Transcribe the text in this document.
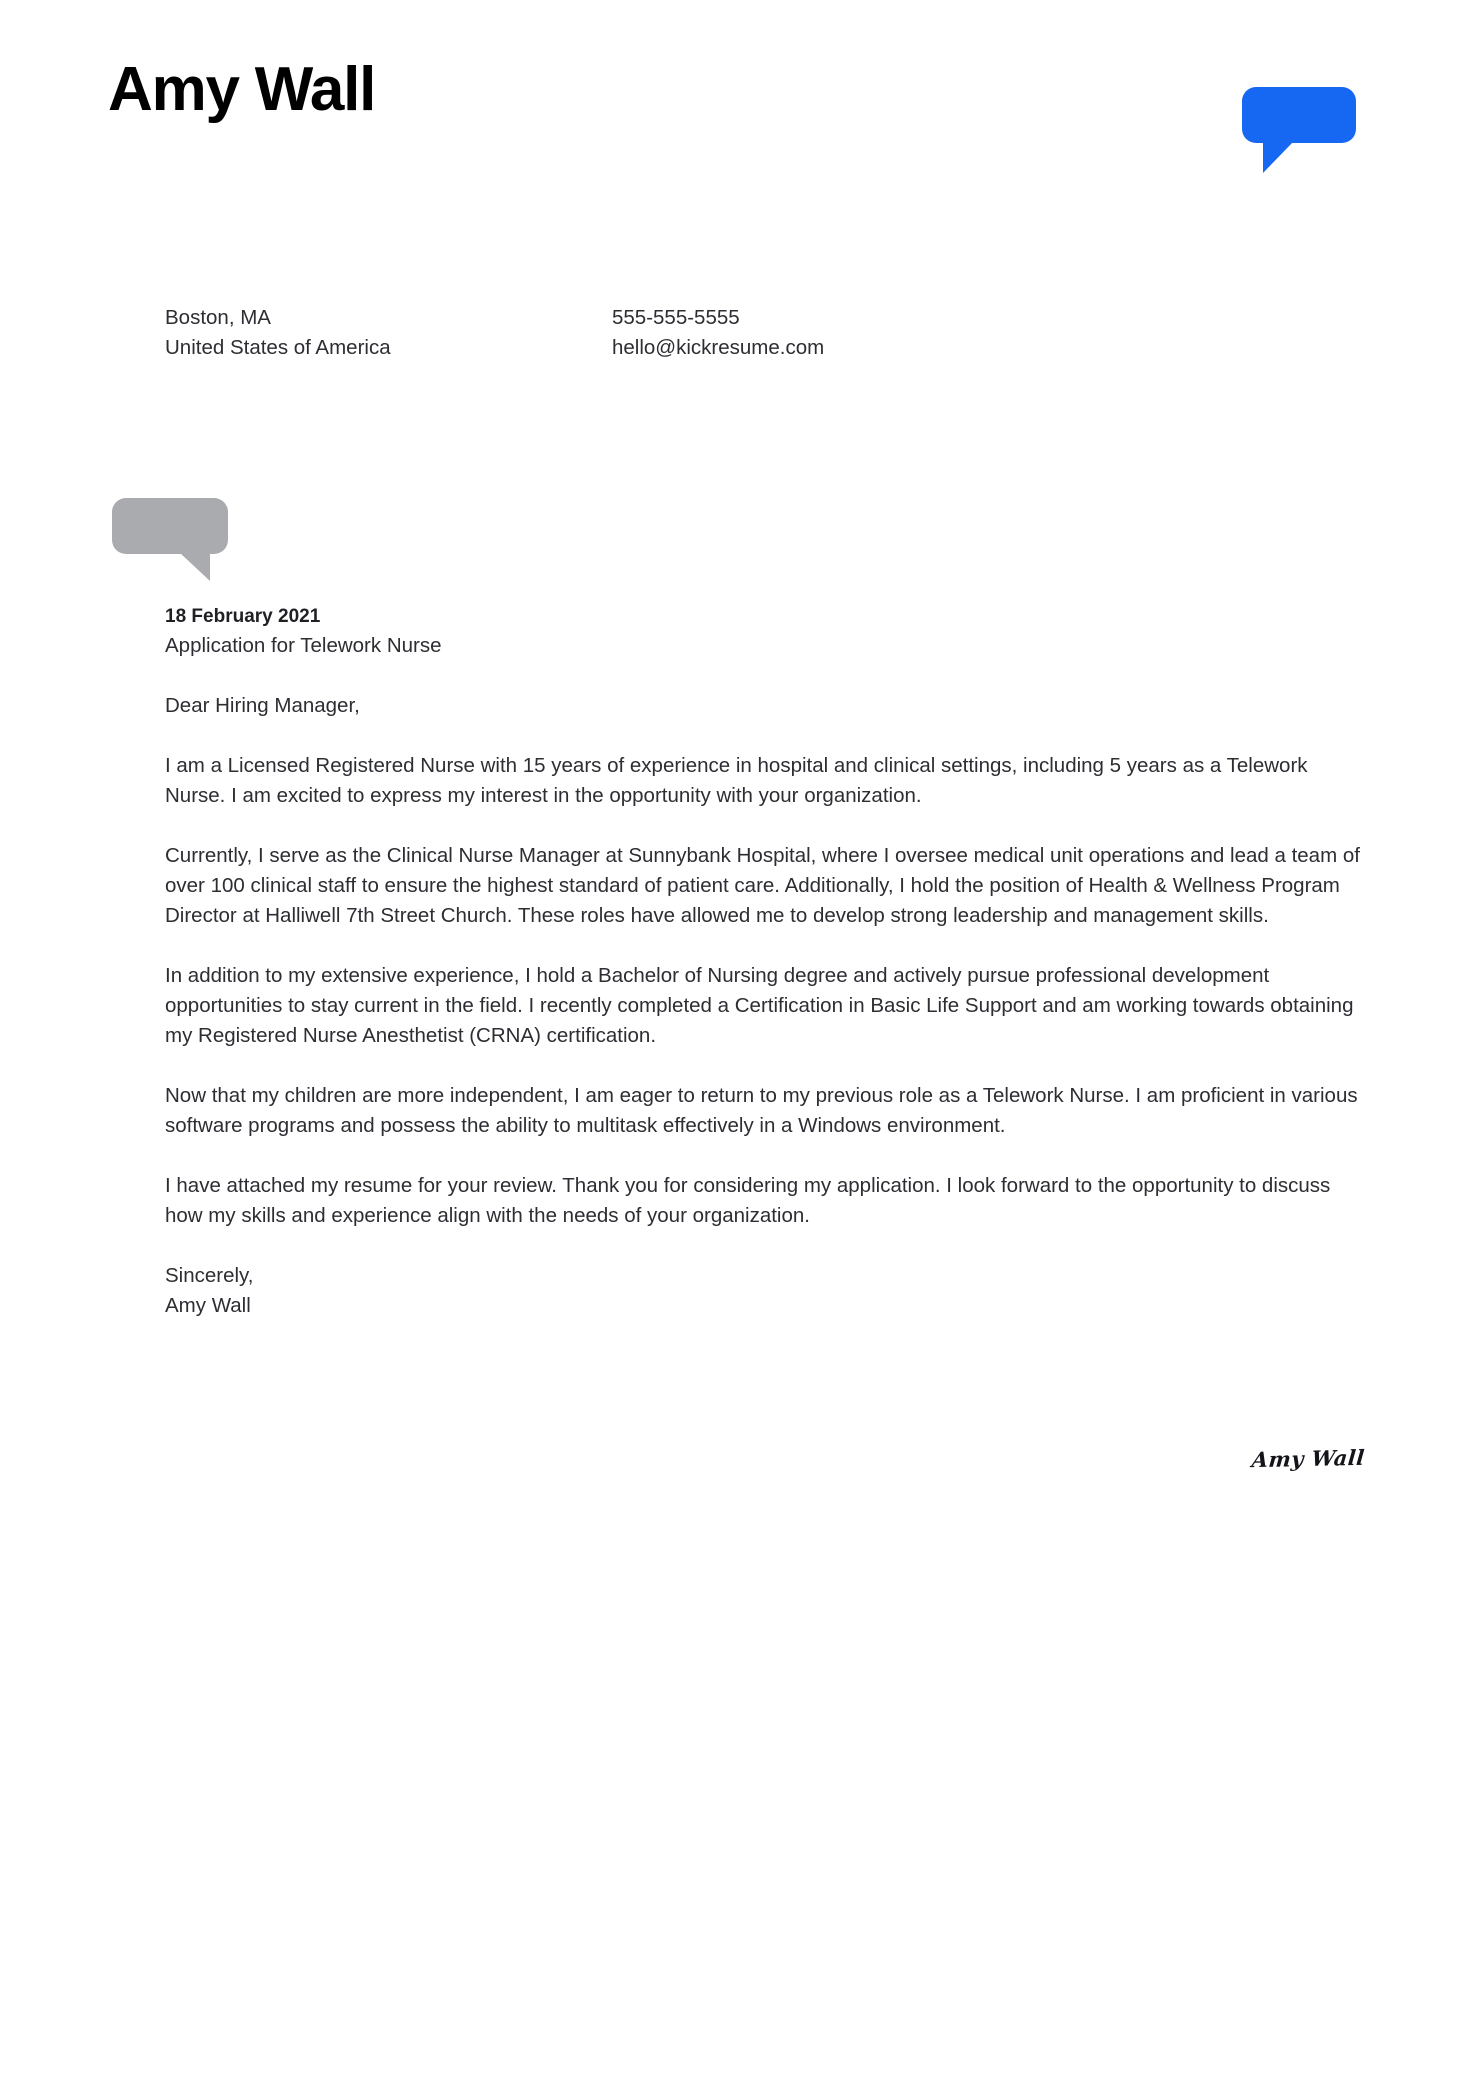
Amy Wall
Boston, MA
United States of America
555-555-5555
hello@kickresume.com
18 February 2021
Application for Telework Nurse
Dear Hiring Manager,
I am a Licensed Registered Nurse with 15 years of experience in hospital and clinical settings, including 5 years as a Telework Nurse. I am excited to express my interest in the opportunity with your organization.
Currently, I serve as the Clinical Nurse Manager at Sunnybank Hospital, where I oversee medical unit operations and lead a team of over 100 clinical staff to ensure the highest standard of patient care. Additionally, I hold the position of Health & Wellness Program Director at Halliwell 7th Street Church. These roles have allowed me to develop strong leadership and management skills.
In addition to my extensive experience, I hold a Bachelor of Nursing degree and actively pursue professional development opportunities to stay current in the field. I recently completed a Certification in Basic Life Support and am working towards obtaining my Registered Nurse Anesthetist (CRNA) certification.
Now that my children are more independent, I am eager to return to my previous role as a Telework Nurse. I am proficient in various software programs and possess the ability to multitask effectively in a Windows environment.
I have attached my resume for your review. Thank you for considering my application. I look forward to the opportunity to discuss how my skills and experience align with the needs of your organization.
Sincerely,
Amy Wall
Amy Wall
